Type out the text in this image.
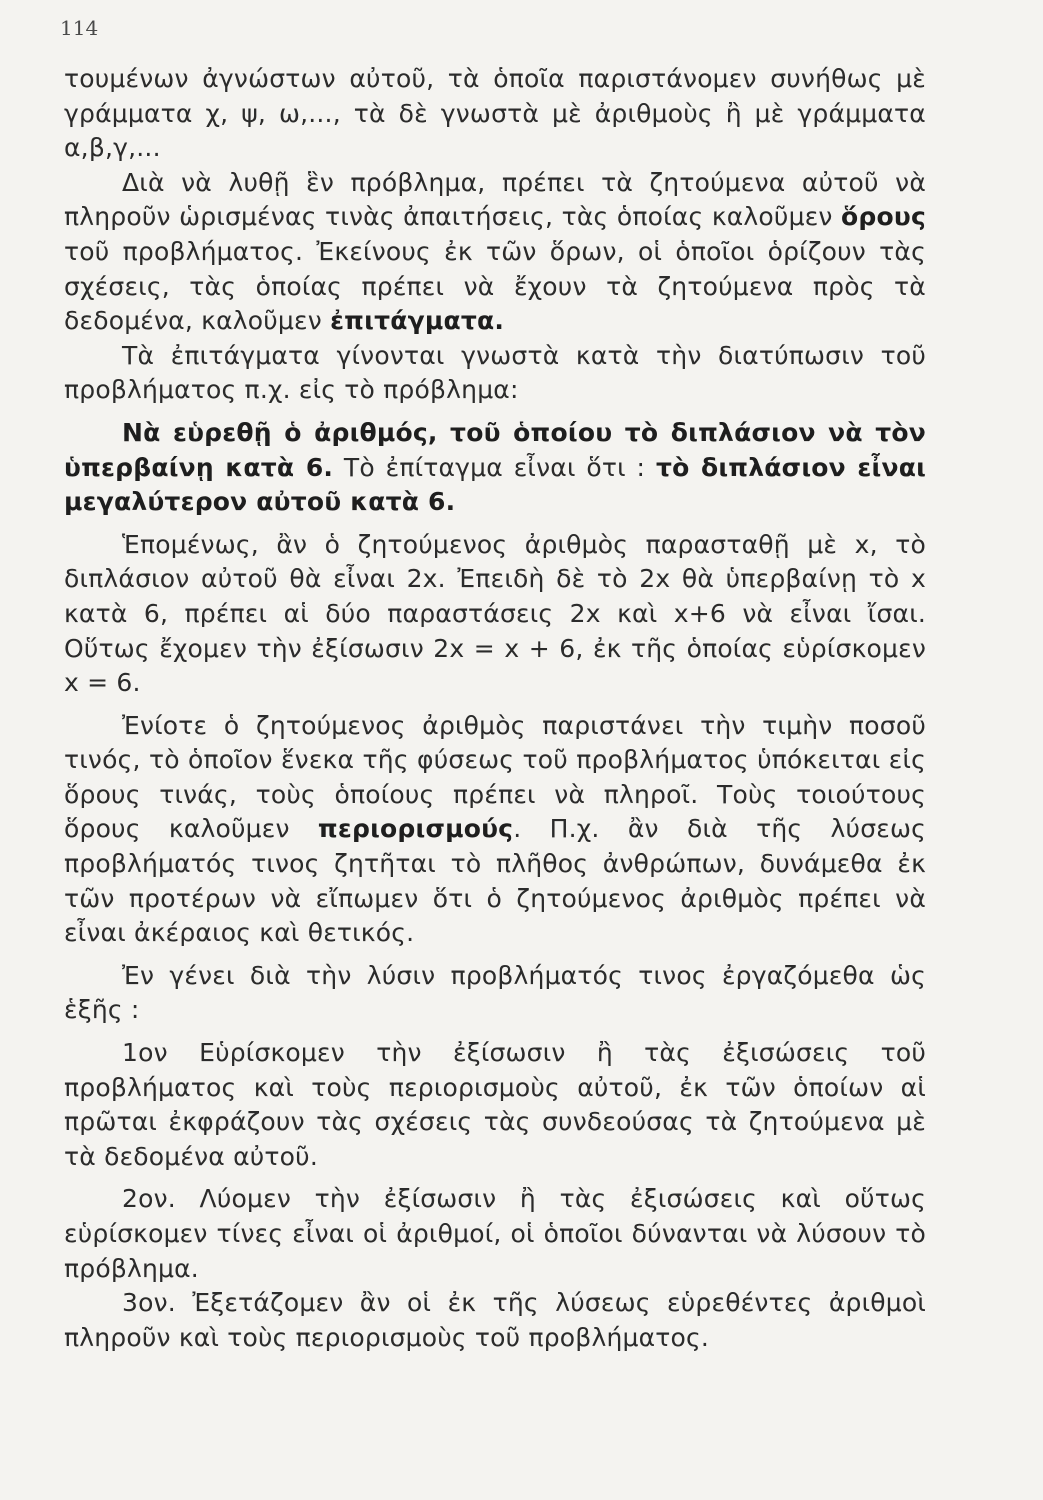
114

τουμένων ἀγνώστων αὐτοῦ, τὰ ὁποῖα παριστάνομεν συνήθως μὲ γράμματα χ, ψ, ω,..., τὰ δὲ γνωστὰ μὲ ἀριθμοὺς ἢ μὲ γράμματα α,β,γ,...

Διὰ νὰ λυθῇ ἓν πρόβλημα, πρέπει τὰ ζητούμενα αὐτοῦ νὰ πληροῦν ὡρισμένας τινὰς ἀπαιτήσεις, τὰς ὁποίας καλοῦμεν ὅρους τοῦ προβλήματος. Ἐκείνους ἐκ τῶν ὅρων, οἱ ὁποῖοι ὁρίζουν τὰς σχέσεις, τὰς ὁποίας πρέπει νὰ ἔχουν τὰ ζητούμενα πρὸς τὰ δεδομένα, καλοῦμεν ἐπιτάγματα.

Τὰ ἐπιτάγματα γίνονται γνωστὰ κατὰ τὴν διατύπωσιν τοῦ προβλήματος π.χ. εἰς τὸ πρόβλημα:

Νὰ εὑρεθῇ ὁ ἀριθμός, τοῦ ὁποίου τὸ διπλάσιον νὰ τὸν ὑπερβαίνῃ κατὰ 6. Τὸ ἐπίταγμα εἶναι ὅτι : τὸ διπλάσιον εἶναι μεγαλύτερον αὐτοῦ κατὰ 6.

Ἑπομένως, ἂν ὁ ζητούμενος ἀριθμὸς παρασταθῇ μὲ x, τὸ διπλάσιον αὐτοῦ θὰ εἶναι 2x. Ἐπειδὴ δὲ τὸ 2x θὰ ὑπερβαίνῃ τὸ x κατὰ 6, πρέπει αἱ δύο παραστάσεις 2x καὶ x+6 νὰ εἶναι ἴσαι. Οὕτως ἔχομεν τὴν ἐξίσωσιν 2x = x + 6, ἐκ τῆς ὁποίας εὑρίσκομεν x = 6.

Ἐνίοτε ὁ ζητούμενος ἀριθμὸς παριστάνει τὴν τιμὴν ποσοῦ τινός, τὸ ὁποῖον ἕνεκα τῆς φύσεως τοῦ προβλήματος ὑπόκειται εἰς ὅρους τινάς, τοὺς ὁποίους πρέπει νὰ πληροῖ. Τοὺς τοιούτους ὅρους καλοῦμεν περιορισμούς. Π.χ. ἂν διὰ τῆς λύσεως προβλήματός τινος ζητῆται τὸ πλῆθος ἀνθρώπων, δυνάμεθα ἐκ τῶν προτέρων νὰ εἴπωμεν ὅτι ὁ ζητούμενος ἀριθμὸς πρέπει νὰ εἶναι ἀκέραιος καὶ θετικός.

Ἐν γένει διὰ τὴν λύσιν προβλήματός τινος ἐργαζόμεθα ὡς ἑξῆς :

1ον Εὑρίσκομεν τὴν ἐξίσωσιν ἢ τὰς ἐξισώσεις τοῦ προβλήματος καὶ τοὺς περιορισμοὺς αὐτοῦ, ἐκ τῶν ὁποίων αἱ πρῶται ἐκφράζουν τὰς σχέσεις τὰς συνδεούσας τὰ ζητούμενα μὲ τὰ δεδομένα αὐτοῦ.

2ον. Λύομεν τὴν ἐξίσωσιν ἢ τὰς ἐξισώσεις καὶ οὕτως εὑρίσκομεν τίνες εἶναι οἱ ἀριθμοί, οἱ ὁποῖοι δύνανται νὰ λύσουν τὸ πρόβλημα.

3ον. Ἐξετάζομεν ἂν οἱ ἐκ τῆς λύσεως εὑρεθέντες ἀριθμοὶ πληροῦν καὶ τοὺς περιορισμοὺς τοῦ προβλήματος.
